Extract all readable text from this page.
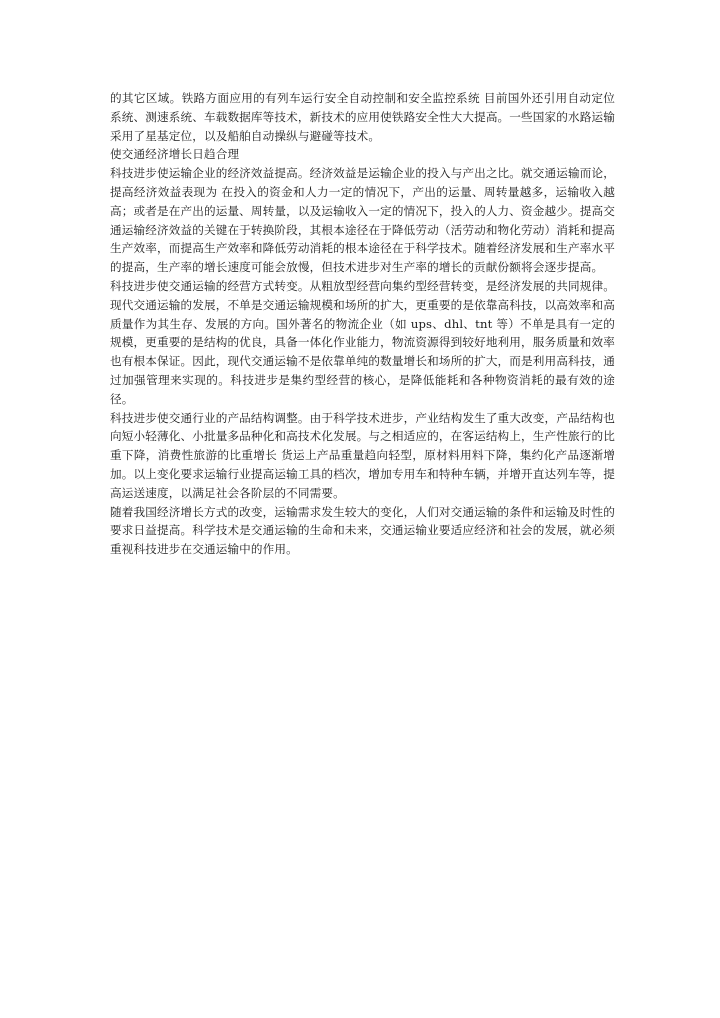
的其它区域。铁路方面应用的有列车运行安全自动控制和安全监控系统 目前国外还引用自动定位系统、测速系统、车载数据库等技术，新技术的应用使铁路安全性大大提高。一些国家的水路运输采用了星基定位，以及船舶自动操纵与避碰等技术。

使交通经济增长日趋合理

科技进步使运输企业的经济效益提高。经济效益是运输企业的投入与产出之比。就交通运输而论，提高经济效益表现为 在投入的资金和人力一定的情况下，产出的运量、周转量越多，运输收入越高；或者是在产出的运量、周转量，以及运输收入一定的情况下，投入的人力、资金越少。提高交通运输经济效益的关键在于转换阶段，其根本途径在于降低劳动（活劳动和物化劳动）消耗和提高生产效率，而提高生产效率和降低劳动消耗的根本途径在于科学技术。随着经济发展和生产率水平的提高，生产率的增长速度可能会放慢，但技术进步对生产率的增长的贡献份额将会逐步提高。

科技进步使交通运输的经营方式转变。从粗放型经营向集约型经营转变，是经济发展的共同规律。现代交通运输的发展，不单是交通运输规模和场所的扩大，更重要的是依靠高科技，以高效率和高质量作为其生存、发展的方向。国外著名的物流企业（如 ups、dhl、tnt 等）不单是具有一定的规模，更重要的是结构的优良，具备一体化作业能力，物流资源得到较好地利用，服务质量和效率也有根本保证。因此，现代交通运输不是依靠单纯的数量增长和场所的扩大，而是利用高科技，通过加强管理来实现的。科技进步是集约型经营的核心，是降低能耗和各种物资消耗的最有效的途径。

科技进步使交通行业的产品结构调整。由于科学技术进步，产业结构发生了重大改变，产品结构也向短小轻薄化、小批量多品种化和高技术化发展。与之相适应的，在客运结构上，生产性旅行的比重下降，消费性旅游的比重增长 货运上产品重量趋向轻型，原材料用料下降，集约化产品逐渐增加。以上变化要求运输行业提高运输工具的档次，增加专用车和特种车辆，并增开直达列车等，提高运送速度，以满足社会各阶层的不同需要。

随着我国经济增长方式的改变，运输需求发生较大的变化，人们对交通运输的条件和运输及时性的要求日益提高。科学技术是交通运输的生命和未来，交通运输业要适应经济和社会的发展，就必须重视科技进步在交通运输中的作用。
